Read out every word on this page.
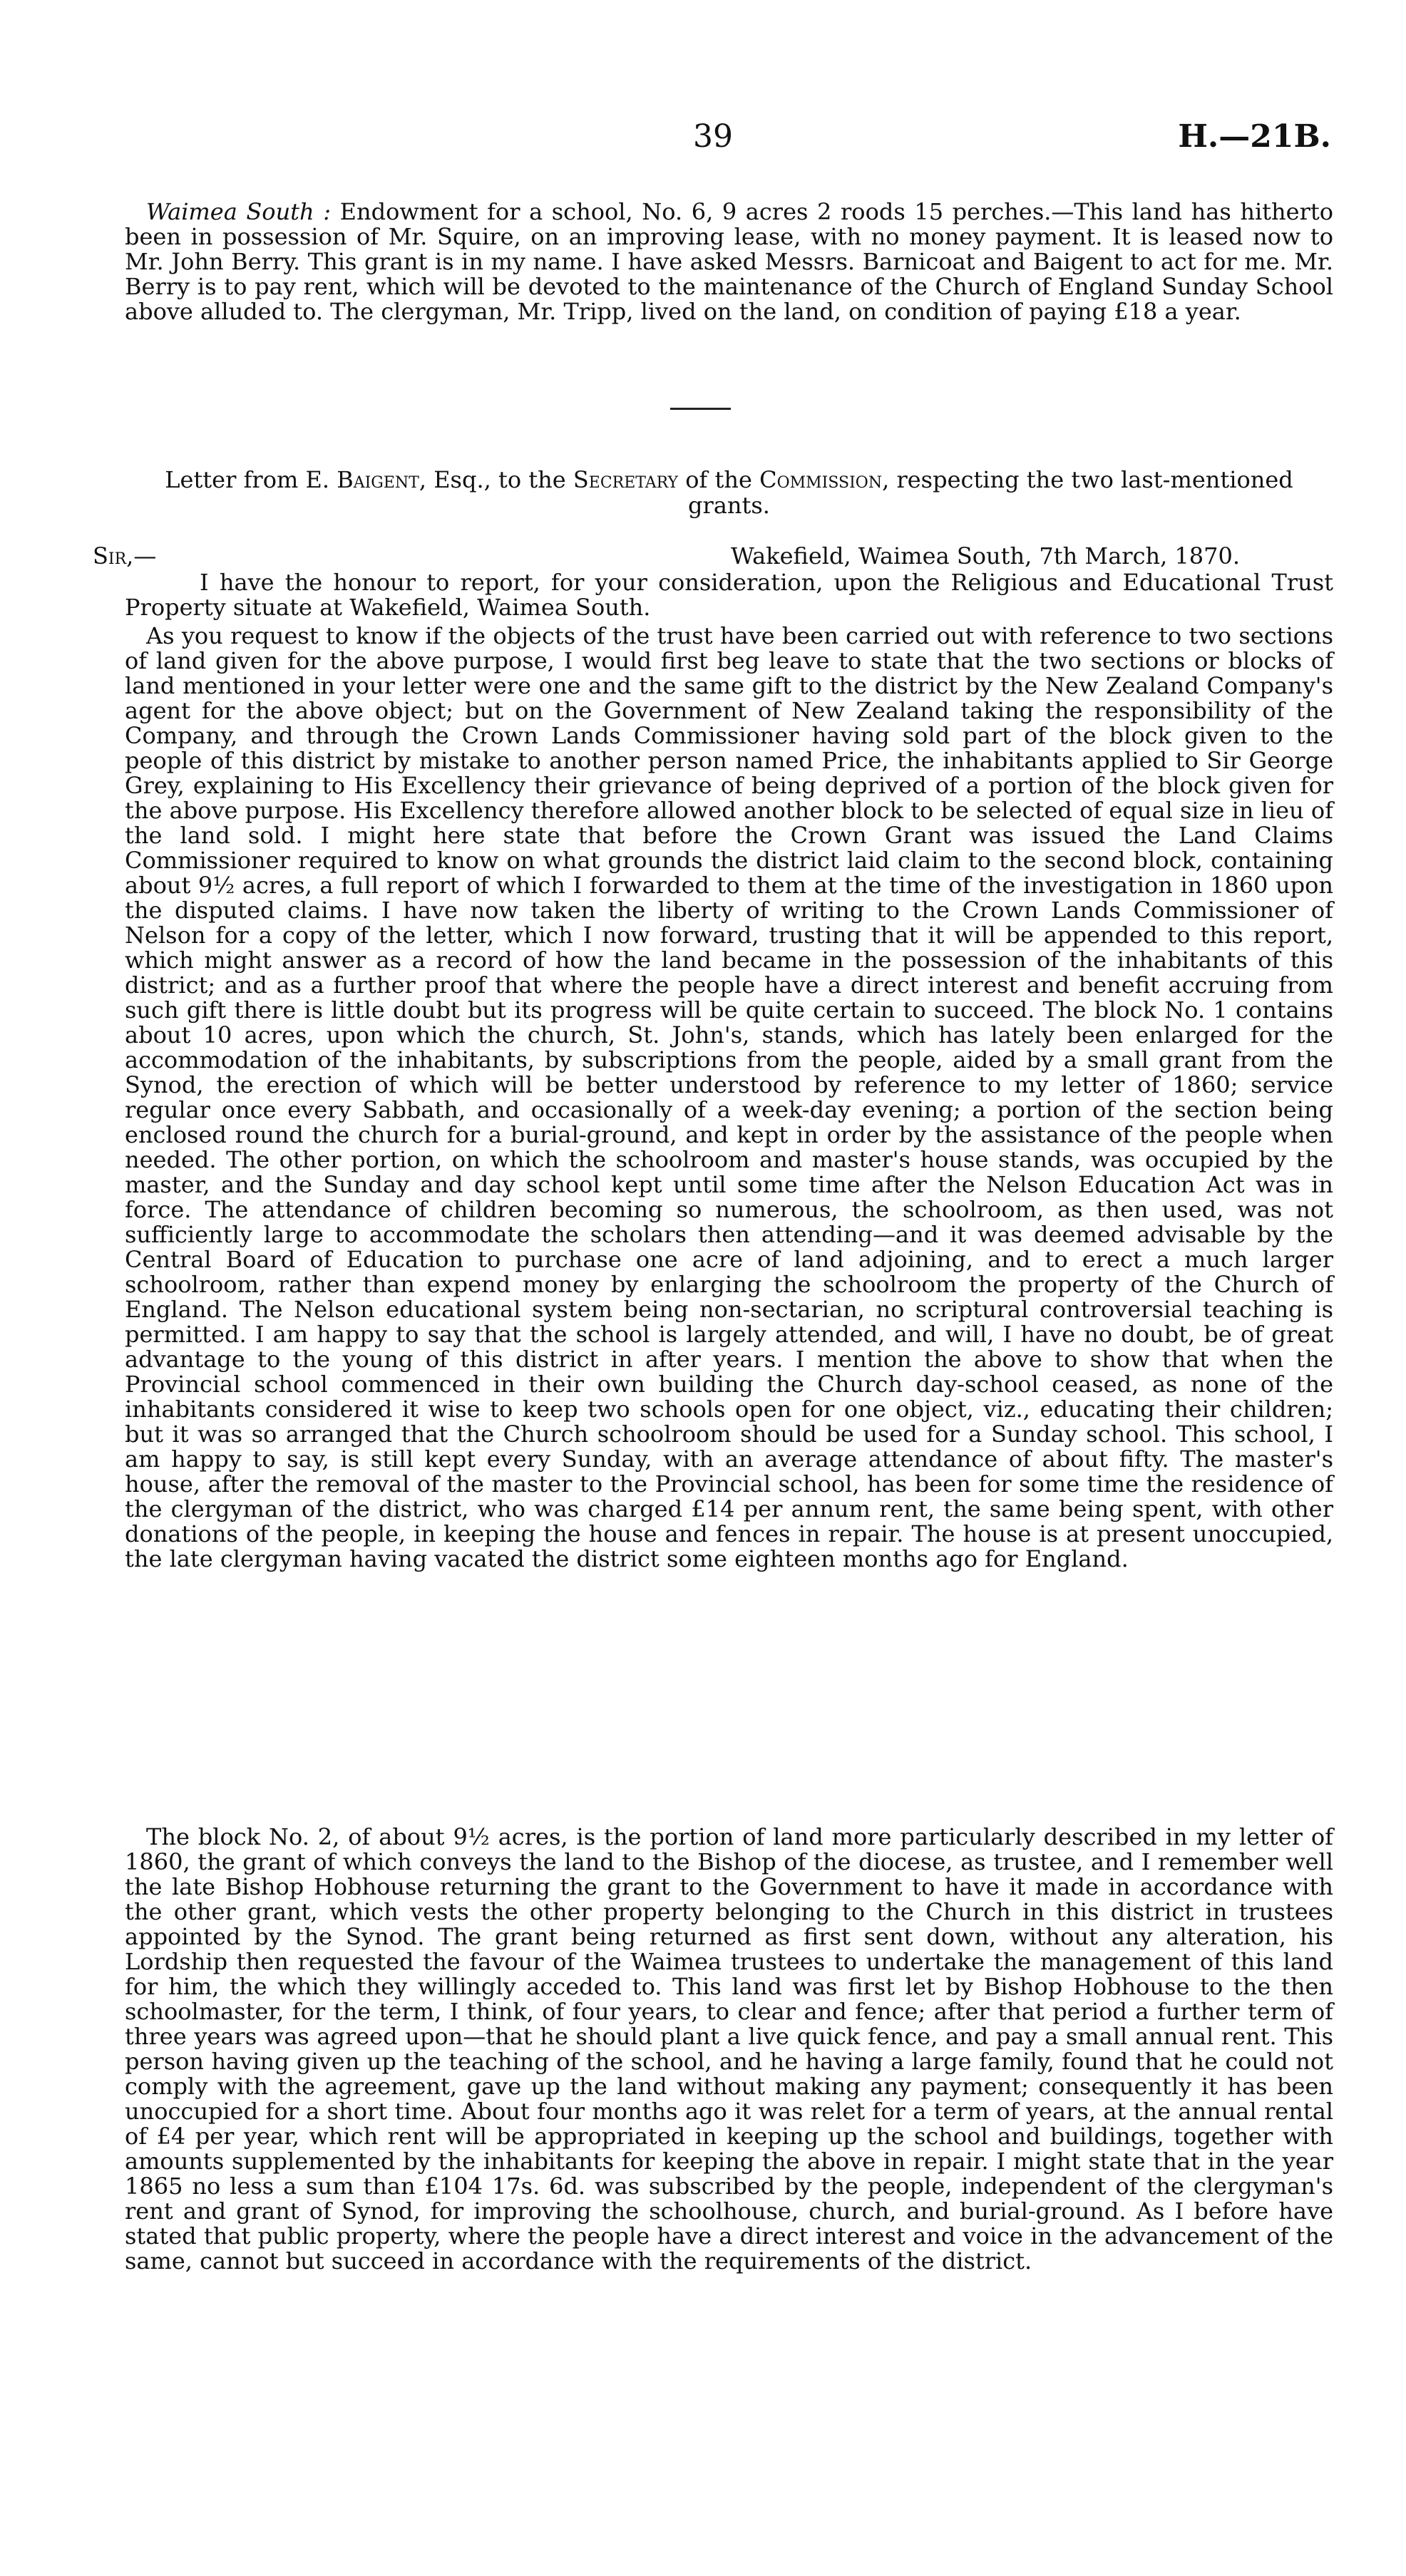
39	H.—21B.

Waimea South : Endowment for a school, No. 6, 9 acres 2 roods 15 perches.—This land has hitherto been in possession of Mr. Squire, on an improving lease, with no money payment. It is leased now to Mr. John Berry. This grant is in my name. I have asked Messrs. Barnicoat and Baigent to act for me. Mr. Berry is to pay rent, which will be devoted to the maintenance of the Church of England Sunday School above alluded to. The clergyman, Mr. Tripp, lived on the land, on condition of paying £18 a year.

Letter from E. Baigent, Esq., to the Secretary of the Commission, respecting the two last-mentioned grants.

Sir,—	Wakefield, Waimea South, 7th March, 1870.

I have the honour to report, for your consideration, upon the Religious and Educational Trust Property situate at Wakefield, Waimea South.

As you request to know if the objects of the trust have been carried out with reference to two sections of land given for the above purpose, I would first beg leave to state that the two sections or blocks of land mentioned in your letter were one and the same gift to the district by the New Zealand Company's agent for the above object; but on the Government of New Zealand taking the responsibility of the Company, and through the Crown Lands Commissioner having sold part of the block given to the people of this district by mistake to another person named Price, the inhabitants applied to Sir George Grey, explaining to His Excellency their grievance of being deprived of a portion of the block given for the above purpose. His Excellency therefore allowed another block to be selected of equal size in lieu of the land sold. I might here state that before the Crown Grant was issued the Land Claims Commissioner required to know on what grounds the district laid claim to the second block, containing about 9½ acres, a full report of which I forwarded to them at the time of the investigation in 1860 upon the disputed claims. I have now taken the liberty of writing to the Crown Lands Commissioner of Nelson for a copy of the letter, which I now forward, trusting that it will be appended to this report, which might answer as a record of how the land became in the possession of the inhabitants of this district; and as a further proof that where the people have a direct interest and benefit accruing from such gift there is little doubt but its progress will be quite certain to succeed. The block No. 1 contains about 10 acres, upon which the church, St. John's, stands, which has lately been enlarged for the accommodation of the inhabitants, by subscriptions from the people, aided by a small grant from the Synod, the erection of which will be better understood by reference to my letter of 1860; service regular once every Sabbath, and occasionally of a week-day evening; a portion of the section being enclosed round the church for a burial-ground, and kept in order by the assistance of the people when needed. The other portion, on which the schoolroom and master's house stands, was occupied by the master, and the Sunday and day school kept until some time after the Nelson Education Act was in force. The attendance of children becoming so numerous, the schoolroom, as then used, was not sufficiently large to accommodate the scholars then attending—and it was deemed advisable by the Central Board of Education to purchase one acre of land adjoining, and to erect a much larger schoolroom, rather than expend money by enlarging the schoolroom the property of the Church of England. The Nelson educational system being non-sectarian, no scriptural controversial teaching is permitted. I am happy to say that the school is largely attended, and will, I have no doubt, be of great advantage to the young of this district in after years. I mention the above to show that when the Provincial school commenced in their own building the Church day-school ceased, as none of the inhabitants considered it wise to keep two schools open for one object, viz., educating their children; but it was so arranged that the Church schoolroom should be used for a Sunday school. This school, I am happy to say, is still kept every Sunday, with an average attendance of about fifty. The master's house, after the removal of the master to the Provincial school, has been for some time the residence of the clergyman of the district, who was charged £14 per annum rent, the same being spent, with other donations of the people, in keeping the house and fences in repair. The house is at present unoccupied, the late clergyman having vacated the district some eighteen months ago for England.

The block No. 2, of about 9½ acres, is the portion of land more particularly described in my letter of 1860, the grant of which conveys the land to the Bishop of the diocese, as trustee, and I remember well the late Bishop Hobhouse returning the grant to the Government to have it made in accordance with the other grant, which vests the other property belonging to the Church in this district in trustees appointed by the Synod. The grant being returned as first sent down, without any alteration, his Lordship then requested the favour of the Waimea trustees to undertake the management of this land for him, the which they willingly acceded to. This land was first let by Bishop Hobhouse to the then schoolmaster, for the term, I think, of four years, to clear and fence; after that period a further term of three years was agreed upon—that he should plant a live quick fence, and pay a small annual rent. This person having given up the teaching of the school, and he having a large family, found that he could not comply with the agreement, gave up the land without making any payment; consequently it has been unoccupied for a short time. About four months ago it was relet for a term of years, at the annual rental of £4 per year, which rent will be appropriated in keeping up the school and buildings, together with amounts supplemented by the inhabitants for keeping the above in repair. I might state that in the year 1865 no less a sum than £104 17s. 6d. was subscribed by the people, independent of the clergyman's rent and grant of Synod, for improving the schoolhouse, church, and burial-ground. As I before have stated that public property, where the people have a direct interest and voice in the advancement of the same, cannot but succeed in accordance with the requirements of the district.
